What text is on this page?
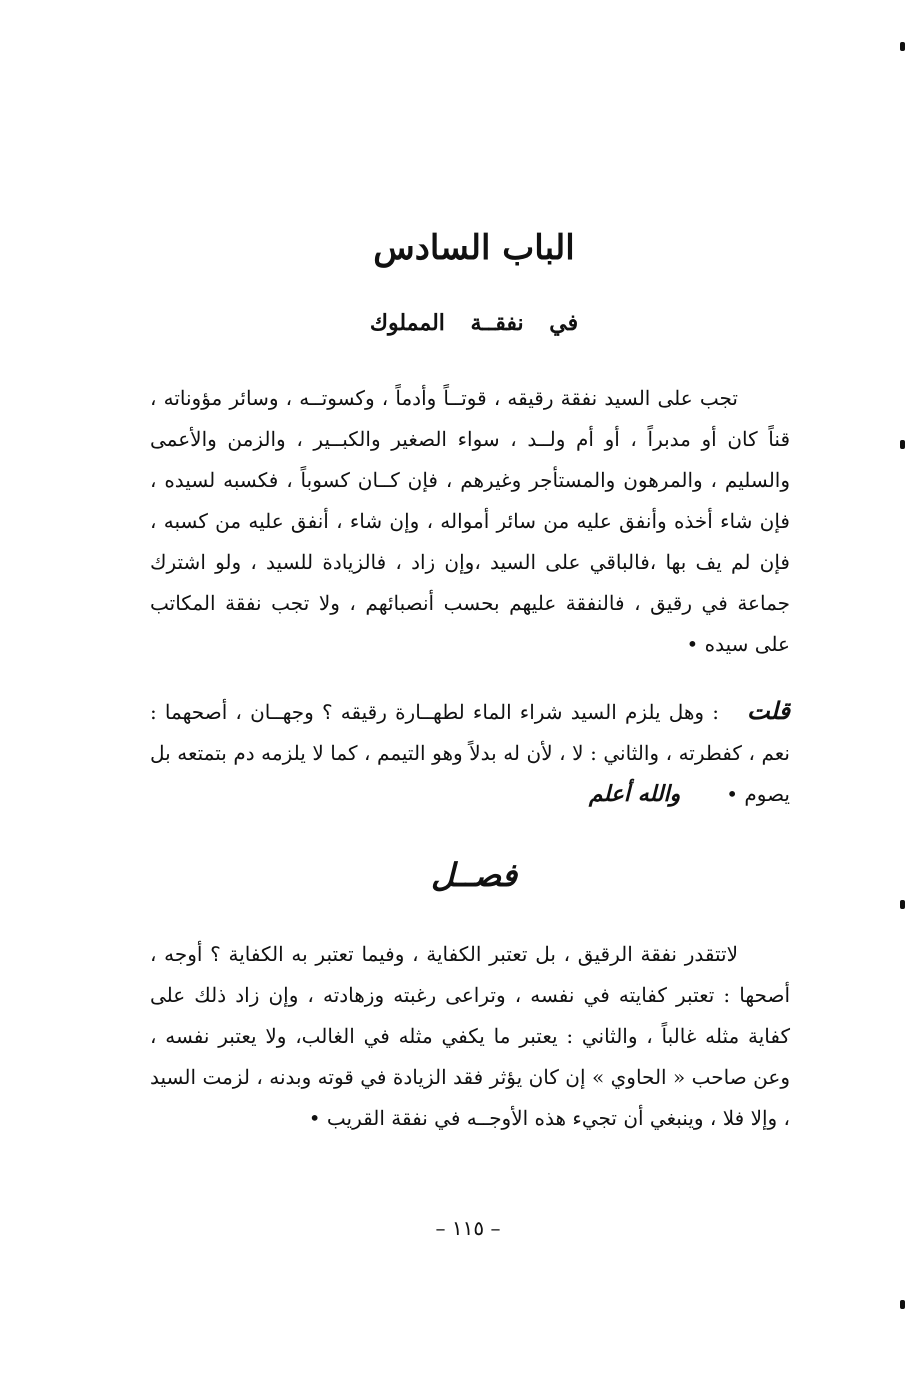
الباب السادس
في نفقــة المملوك
تجب على السيد نفقة رقيقه ، قوتــاً وأدماً ، وكسوتــه ، وسائر مؤوناته ، قناً كان أو مدبراً ، أو أم ولــد ، سواء الصغير والكبــير ، والزمن والأعمى والسليم ، والمرهون والمستأجر وغيرهم ، فإن كــان كسوباً ، فكسبه لسيده ، فإن شاء أخذه وأنفق عليه من سائر أمواله ، وإن شاء ، أنفق عليه من كسبه ، فإن لم يف بها ،فالباقي على السيد ،وإن زاد ، فالزيادة للسيد ، ولو اشترك جماعة في رقيق ، فالنفقة عليهم بحسب أنصبائهم ، ولا تجب نفقة المكاتب على سيده •
قلت: وهل يلزم السيد شراء الماء لطهــارة رقيقه ؟ وجهــان ، أصحهما : نعم ، كفطرته ، والثاني : لا ، لأن له بدلاً وهو التيمم ، كما لا يلزمه دم بتمتعه بل يصوم •والله أعلم
فصــل
لاتتقدر نفقة الرقيق ، بل تعتبر الكفاية ، وفيما تعتبر به الكفاية ؟ أوجه ، أصحها : تعتبر كفايته في نفسه ، وتراعى رغبته وزهادته ، وإن زاد ذلك على كفاية مثله غالباً ، والثاني : يعتبر ما يكفي مثله في الغالب، ولا يعتبر نفسه ، وعن صاحب « الحاوي » إن كان يؤثر فقد الزيادة في قوته وبدنه ، لزمت السيد ، وإلا فلا ، وينبغي أن تجيء هذه الأوجــه في نفقة القريب •
– ١١٥ –
